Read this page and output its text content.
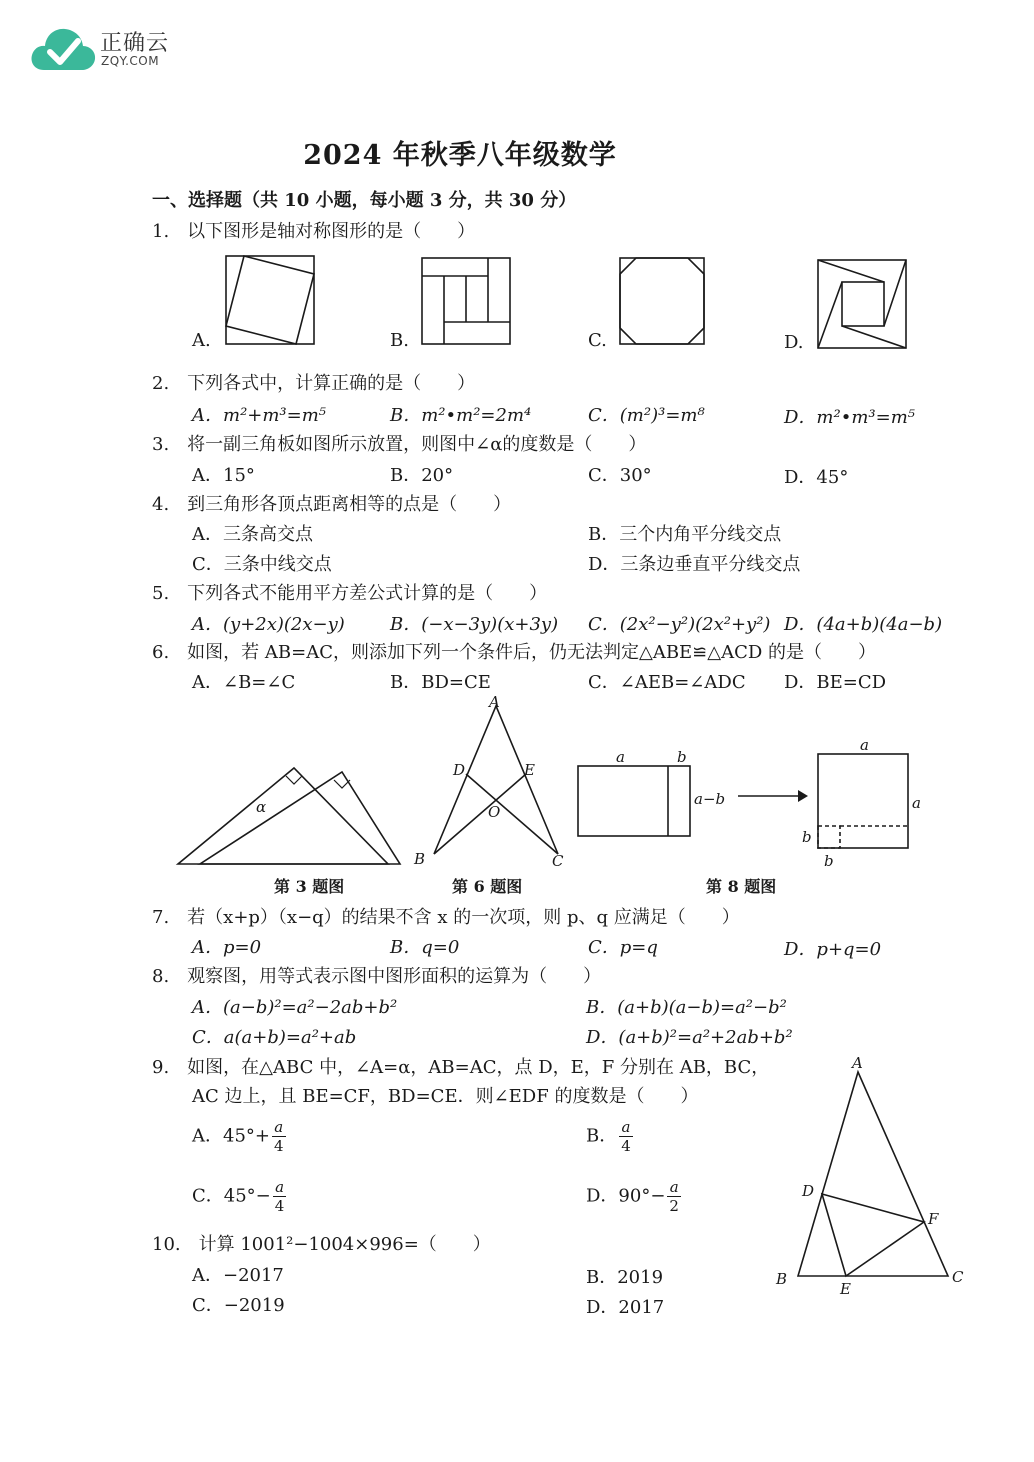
正确云
ZQY.COM
2024 年秋季八年级数学
一、选择题（共 10 小题，每小题 3 分，共 30 分）
1.　以下图形是轴对称图形的是（　　）
A.	B.	C.	D.
2.　下列各式中，计算正确的是（　　）
A．m²+m³=m⁵	B．m²•m²=2m⁴	C．(m²)³=m⁸	D．m²•m³=m⁵
3.　将一副三角板如图所示放置，则图中∠α的度数是（　　）
A．15°	B．20°	C．30°	D．45°
4.　到三角形各顶点距离相等的点是（　　）
A．三条高交点	B．三个内角平分线交点
C．三条中线交点	D．三条边垂直平分线交点
5.　下列各式不能用平方差公式计算的是（　　）
A．(y+2x)(2x−y)	B．(−x−3y)(x+3y) C．(2x²−y²)(2x²+y²) D．(4a+b)(4a−b)
6.　如图，若 AB=AC，则添加下列一个条件后，仍无法判定△ABE≌△ACD 的是（　　）
A．∠B=∠C	B．BD=CE	C．∠AEB=∠ADC D．BE=CD
α
第 3 题图
A
B	C
D	E
O
第 6 题图
a	b
a−b
a
a
b
b
第 8 题图
7.　若（x+p）（x−q）的结果不含 x 的一次项，则 p、q 应满足（　　）
A．p=0	B．q=0	C．p=q	D．p+q=0
8.　观察图，用等式表示图中图形面积的运算为（　　）
A．(a−b)²=a²−2ab+b²	B．(a+b)(a−b)=a²−b²
C．a(a+b)=a²+ab	D．(a+b)²=a²+2ab+b²
9.　如图，在△ABC 中，∠A=α，AB=AC，点 D，E，F 分别在 AB，BC，
AC 边上，且 BE=CF，BD=CE．则∠EDF 的度数是（　　）
A．$45^\circ+ \frac{a}{4}$	B． $\frac{a}{4}$
C．$45^\circ- \frac{a}{4}$	D．$90^\circ- \frac{a}{2}$
A
B	C
D
E
F
10.　计算 1001²−1004×996=（　　）
A．−2017	B．2019
C．−2019	D．2017
